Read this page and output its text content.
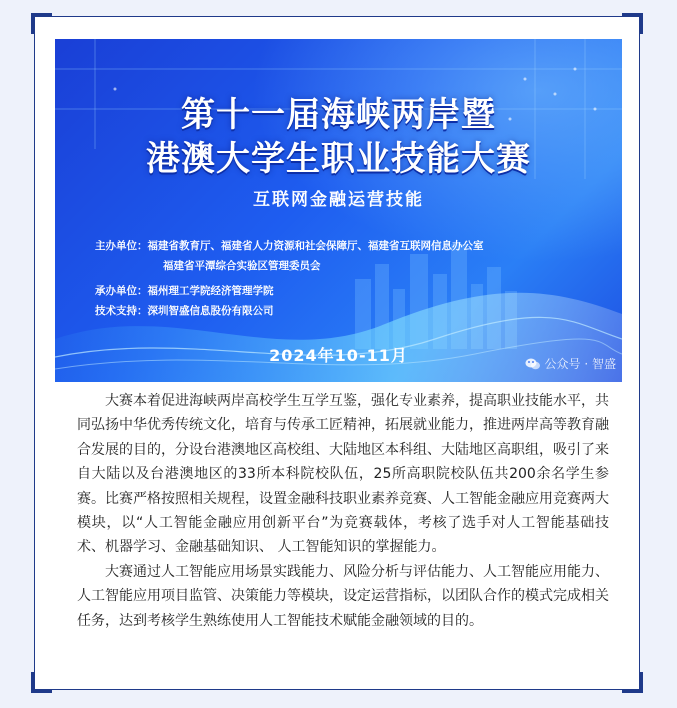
第十一届海峡两岸暨
港澳大学生职业技能大赛
互联网金融运营技能
主办单位：福建省教育厅、福建省人力资源和社会保障厅、福建省互联网信息办公室
福建省平潭综合实验区管理委员会
承办单位：福州理工学院经济管理学院
技术支持：深圳智盛信息股份有限公司
2024年10-11月	公众号 · 智盛

大赛本着促进海峡两岸高校学生互学互鉴，强化专业素养，提高职业技能水平，共同弘扬中华优秀传统文化，培育与传承工匠精神，拓展就业能力，推进两岸高等教育融合发展的目的，分设台港澳地区高校组、大陆地区本科组、大陆地区高职组，吸引了来自大陆以及台港澳地区的33所本科院校队伍，25所高职院校队伍共200余名学生参赛。比赛严格按照相关规程，设置金融科技职业素养竞赛、人工智能金融应用竞赛两大模块，以“人工智能金融应用创新平台”为竞赛载体，考核了选手对人工智能基础技术、机器学习、金融基础知识、 人工智能知识的掌握能力。

大赛通过人工智能应用场景实践能力、风险分析与评估能力、人工智能应用能力、人工智能应用项目监管、决策能力等模块，设定运营指标，以团队合作的模式完成相关任务，达到考核学生熟练使用人工智能技术赋能金融领域的目的。
